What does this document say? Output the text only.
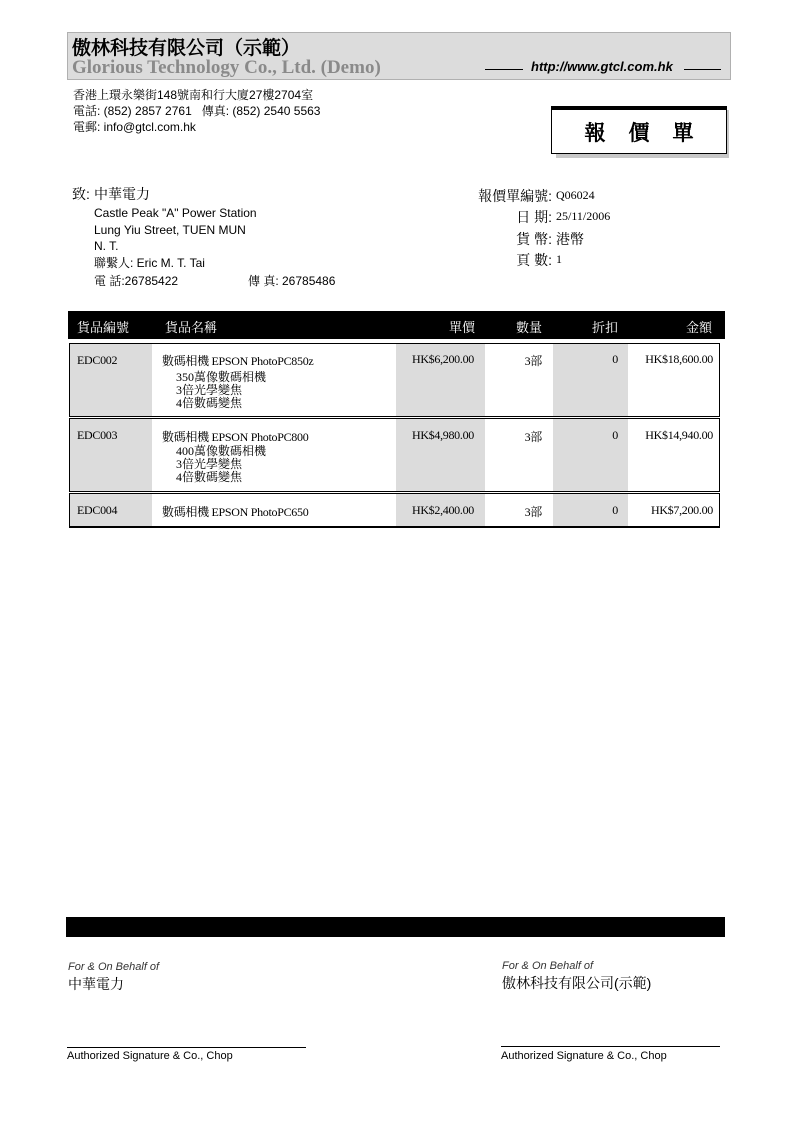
傲林科技有限公司（示範）
Glorious Technology Co., Ltd. (Demo)	http://www.gtcl.com.hk
香港上環永樂街148號南和行大廈27樓2704室
電話: (852) 2857 2761   傳真: (852) 2540 5563
電郵: info@gtcl.com.hk	報價單
致: 中華電力
Castle Peak "A" Power Station
Lung Yiu Street, TUEN MUN
N. T.
聯繫人: Eric M. T. Tai
電 話:26785422	傳 真: 26785486
報價單編號: Q06024
日 期: 25/11/2006
貨 幣: 港幣
頁 數: 1
貨品編號	貨品名稱	單價	數量	折扣	金額
EDC002	數碼相機 EPSON PhotoPC850z
350萬像數碼相機
3倍光學變焦
4倍數碼變焦
HK$6,200.00	3部	0	HK$18,600.00
EDC003	數碼相機 EPSON PhotoPC800
400萬像數碼相機
3倍光學變焦
4倍數碼變焦
HK$4,980.00	3部	0	HK$14,940.00
EDC004	數碼相機 EPSON PhotoPC650	HK$2,400.00	3部	0	HK$7,200.00
For & On Behalf of
中華電力
Authorized Signature & Co., Chop
For & On Behalf of
傲林科技有限公司(示範)
Authorized Signature & Co., Chop
